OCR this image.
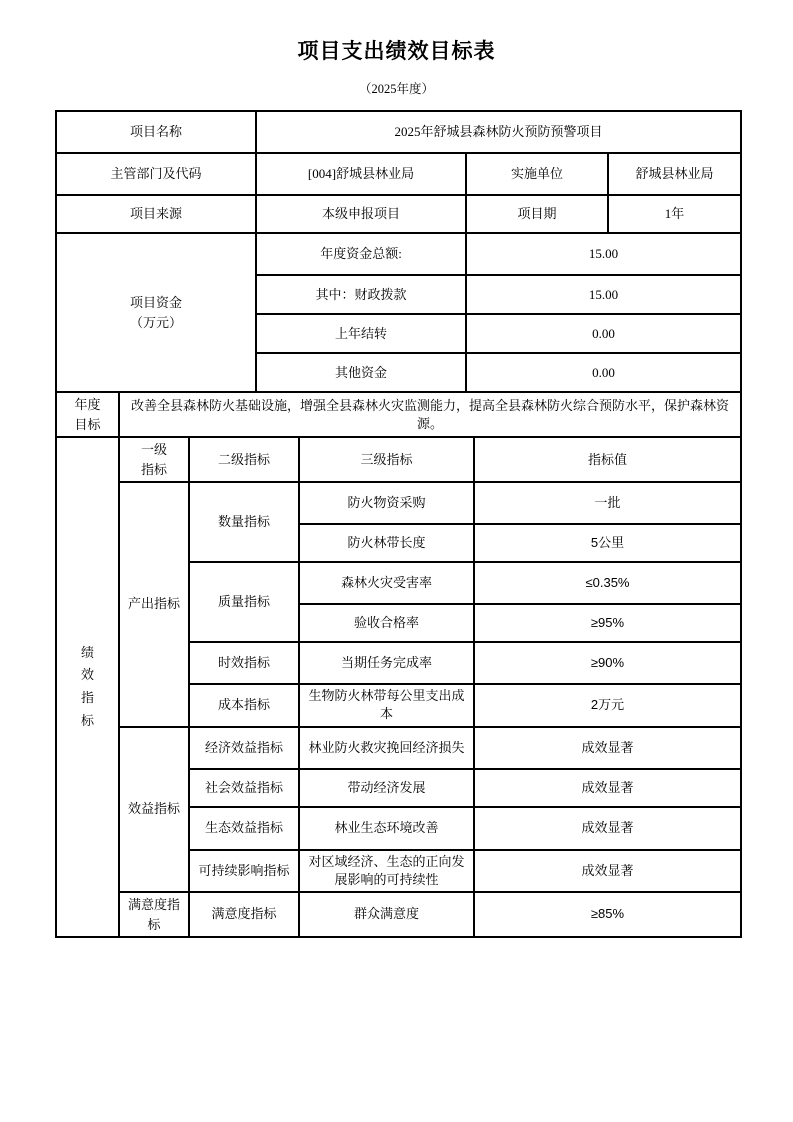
项目支出绩效目标表
（2025年度）
项目名称	2025年舒城县森林防火预防预警项目		
主管部门及代码	[004]舒城县林业局	实施单位	舒城县林业局
项目来源	本级申报项目	项目期	1年
项目资金（万元）	年度资金总额:	15.00	
	其中：财政拨款	15.00	
	上年结转	0.00	
	其他资金	0.00	
年度目标	改善全县森林防火基础设施，增强全县森林火灾监测能力，提高全县森林防火综合预防水平，保护森林资源。
绩效指标	一级指标	二级指标	三级指标	指标值
	产出指标	数量指标	防火物资采购	一批
			防火林带长度	5公里
		质量指标	森林火灾受害率	≤0.35%
			验收合格率	≥95%
		时效指标	当期任务完成率	≥90%
		成本指标	生物防火林带每公里支出成本	2万元
	效益指标	经济效益指标	林业防火救灾挽回经济损失	成效显著
		社会效益指标	带动经济发展	成效显著
		生态效益指标	林业生态环境改善	成效显著
		可持续影响指标	对区域经济、生态的正向发展影响的可持续性	成效显著
	满意度指标	满意度指标	群众满意度	≥85%
